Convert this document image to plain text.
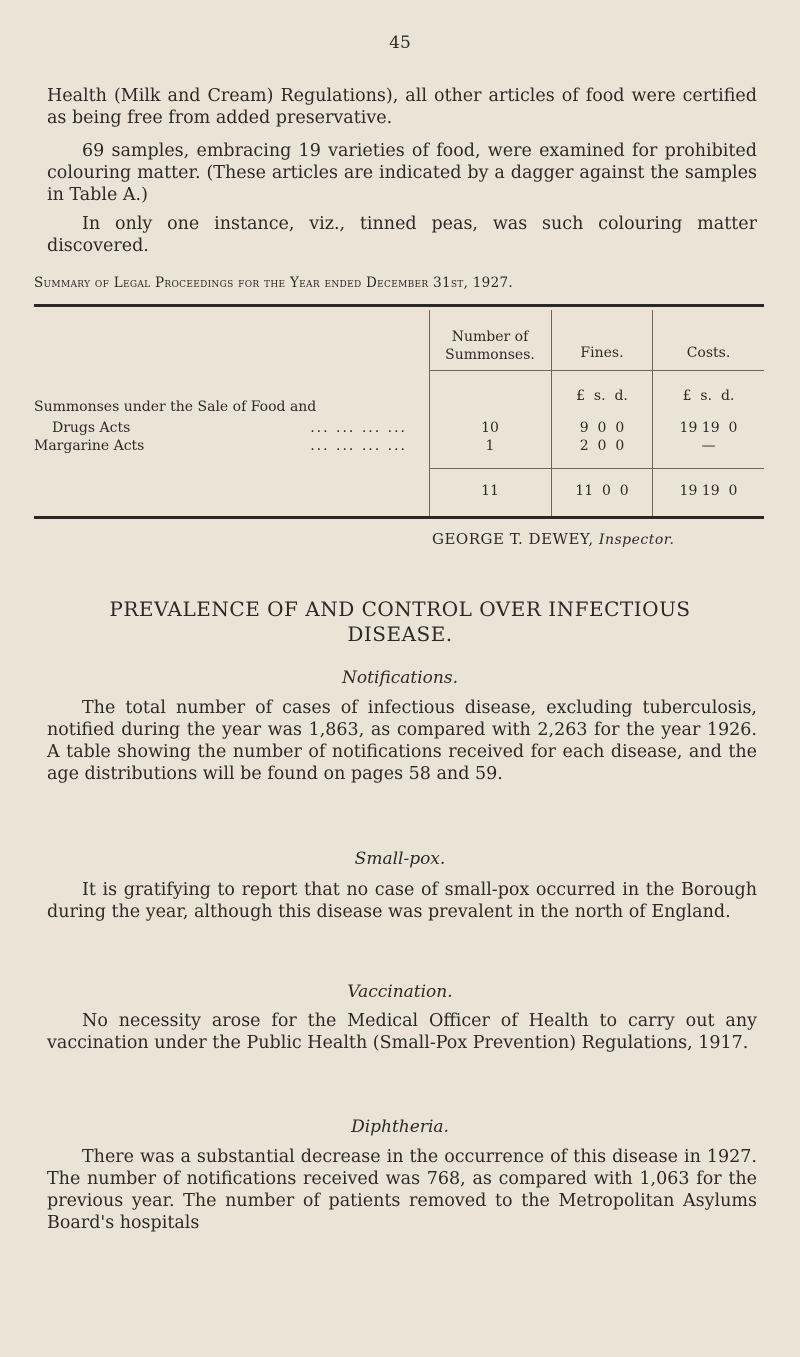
45

Health (Milk and Cream) Regulations), all other articles of food were certified as being free from added preservative.

69 samples, embracing 19 varieties of food, were examined for prohibited colouring matter. (These articles are indicated by a dagger against the samples in Table A.)

In only one instance, viz., tinned peas, was such colouring matter discovered.

Summary of Legal Proceedings for the Year ended December 31st, 1927.
Number of Summonses.	Fines.	Costs.
£  s.  d.	£  s.  d.
Summonses under the Sale of Food and
Drugs Acts	... ... ... ...	10	9  0  0	19 19  0
Margarine Acts	... ... ... ...	1	2  0  0	—
11	11  0  0	19 19  0
GEORGE T. DEWEY, Inspector.
PREVALENCE OF AND CONTROL OVER INFECTIOUS
DISEASE.
Notifications.

The total number of cases of infectious disease, excluding tuberculosis, notified during the year was 1,863, as compared with 2,263 for the year 1926. A table showing the number of notifications received for each disease, and the age distributions will be found on pages 58 and 59.

Small-pox.

It is gratifying to report that no case of small-pox occurred in the Borough during the year, although this disease was prevalent in the north of England.

Vaccination.

No necessity arose for the Medical Officer of Health to carry out any vaccination under the Public Health (Small-Pox Prevention) Regulations, 1917.

Diphtheria.

There was a substantial decrease in the occurrence of this disease in 1927. The number of notifications received was 768, as compared with 1,063 for the previous year. The number of patients removed to the Metropolitan Asylums Board's hospitals
